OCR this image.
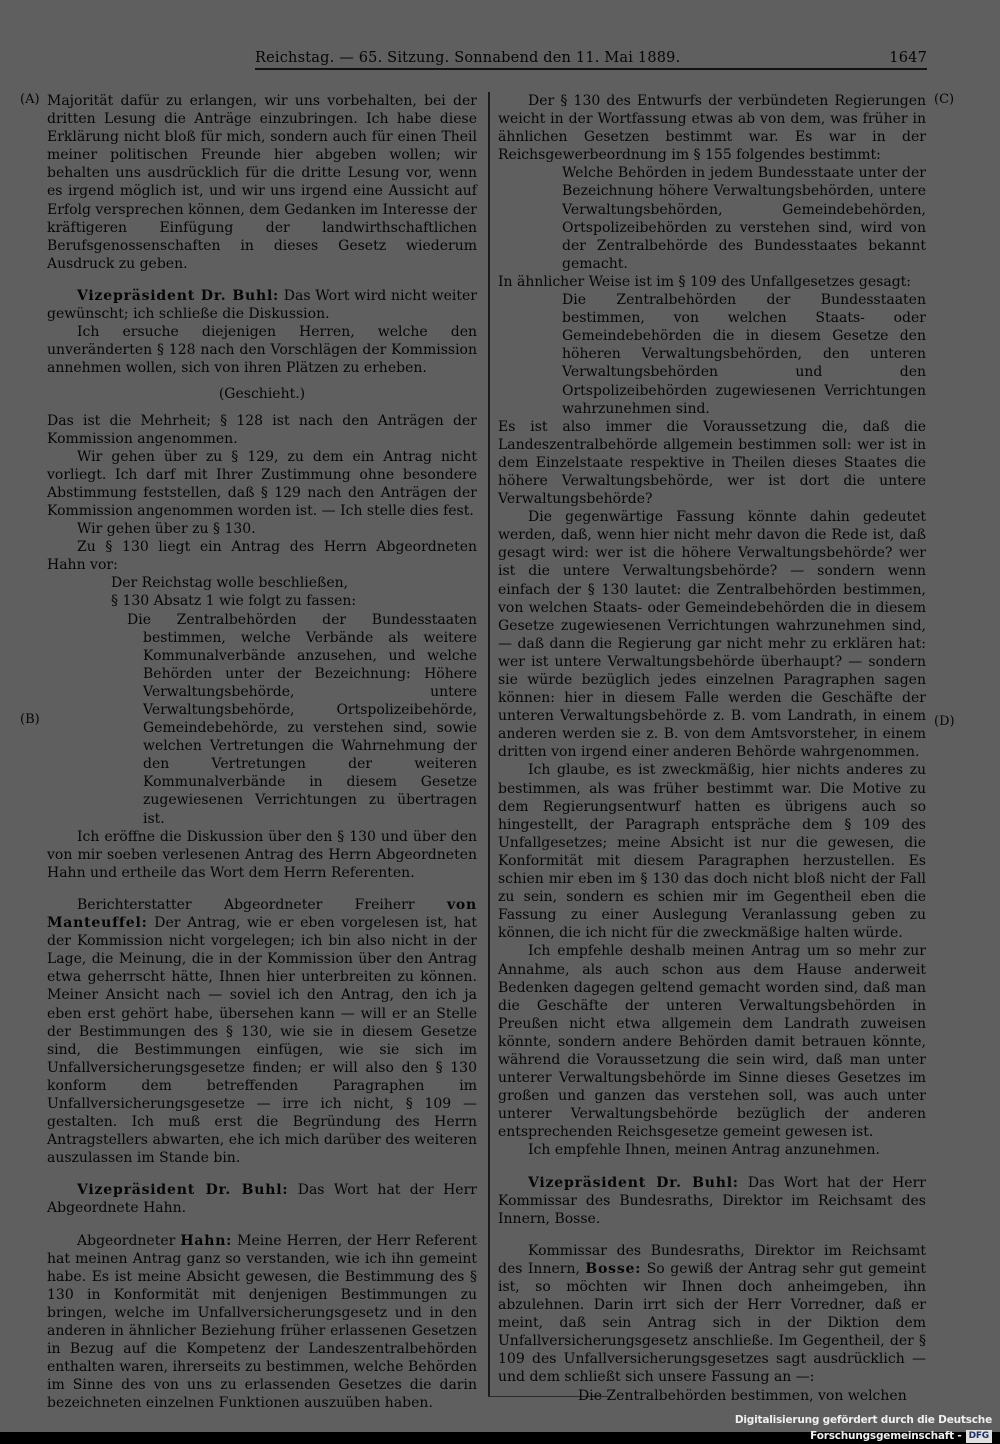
Reichstag. — 65. Sitzung. Sonnabend den 11. Mai 1889.	1647
(A)
(B)
(C)
(D)

Majorität dafür zu erlangen, wir uns vorbehalten, bei der dritten Lesung die Anträge einzubringen. Ich habe diese Erklärung nicht bloß für mich, sondern auch für einen Theil meiner politischen Freunde hier abgeben wollen; wir behalten uns ausdrücklich für die dritte Lesung vor, wenn es irgend möglich ist, und wir uns irgend eine Aussicht auf Erfolg versprechen können, dem Gedanken im Interesse der kräftigeren Einfügung der landwirthschaftlichen Berufsgenossenschaften in dieses Gesetz wiederum Ausdruck zu geben.

Vizepräsident Dr. Buhl: Das Wort wird nicht weiter gewünscht; ich schließe die Diskussion.

Ich ersuche diejenigen Herren, welche den unveränderten § 128 nach den Vorschlägen der Kommission annehmen wollen, sich von ihren Plätzen zu erheben.

(Geschieht.)

Das ist die Mehrheit; § 128 ist nach den Anträgen der Kommission angenommen.

Wir gehen über zu § 129, zu dem ein Antrag nicht vorliegt. Ich darf mit Ihrer Zustimmung ohne besondere Abstimmung feststellen, daß § 129 nach den Anträgen der Kommission angenommen worden ist. — Ich stelle dies fest.

Wir gehen über zu § 130.

Zu § 130 liegt ein Antrag des Herrn Abgeordneten Hahn vor:

Der Reichstag wolle beschließen,

§ 130 Absatz 1 wie folgt zu fassen:

Die Zentralbehörden der Bundesstaaten bestimmen, welche Verbände als weitere Kommunalverbände anzusehen, und welche Behörden unter der Bezeichnung: Höhere Verwaltungsbehörde, untere Verwaltungsbehörde, Ortspolizeibehörde, Gemeindebehörde, zu verstehen sind, sowie welchen Vertretungen die Wahrnehmung der den Vertretungen der weiteren Kommunalverbände in diesem Gesetze zugewiesenen Verrichtungen zu übertragen ist.

Ich eröffne die Diskussion über den § 130 und über den von mir soeben verlesenen Antrag des Herrn Abgeordneten Hahn und ertheile das Wort dem Herrn Referenten.

Berichterstatter Abgeordneter Freiherr von Manteuffel: Der Antrag, wie er eben vorgelesen ist, hat der Kommission nicht vorgelegen; ich bin also nicht in der Lage, die Meinung, die in der Kommission über den Antrag etwa geherrscht hätte, Ihnen hier unterbreiten zu können. Meiner Ansicht nach — soviel ich den Antrag, den ich ja eben erst gehört habe, übersehen kann — will er an Stelle der Bestimmungen des § 130, wie sie in diesem Gesetze sind, die Bestimmungen einfügen, wie sie sich im Unfallversicherungsgesetze finden; er will also den § 130 konform dem betreffenden Paragraphen im Unfallversicherungsgesetze — irre ich nicht, § 109 — gestalten. Ich muß erst die Begründung des Herrn Antragstellers abwarten, ehe ich mich darüber des weiteren auszulassen im Stande bin.

Vizepräsident Dr. Buhl: Das Wort hat der Herr Abgeordnete Hahn.

Abgeordneter Hahn: Meine Herren, der Herr Referent hat meinen Antrag ganz so verstanden, wie ich ihn gemeint habe. Es ist meine Absicht gewesen, die Bestimmung des § 130 in Konformität mit denjenigen Bestimmungen zu bringen, welche im Unfallversicherungsgesetz und in den anderen in ähnlicher Beziehung früher erlassenen Gesetzen in Bezug auf die Kompetenz der Landeszentralbehörden enthalten waren, ihrerseits zu bestimmen, welche Behörden im Sinne des von uns zu erlassenden Gesetzes die darin bezeichneten einzelnen Funktionen auszuüben haben.

Der § 130 des Entwurfs der verbündeten Regierungen weicht in der Wortfassung etwas ab von dem, was früher in ähnlichen Gesetzen bestimmt war. Es war in der Reichsgewerbeordnung im § 155 folgendes bestimmt:

Welche Behörden in jedem Bundesstaate unter der Bezeichnung höhere Verwaltungsbehörden, untere Verwaltungsbehörden, Gemeindebehörden, Ortspolizeibehörden zu verstehen sind, wird von der Zentralbehörde des Bundesstaates bekannt gemacht.

In ähnlicher Weise ist im § 109 des Unfallgesetzes gesagt:

Die Zentralbehörden der Bundesstaaten bestimmen, von welchen Staats- oder Gemeindebehörden die in diesem Gesetze den höheren Verwaltungsbehörden, den unteren Verwaltungsbehörden und den Ortspolizeibehörden zugewiesenen Verrichtungen wahrzunehmen sind.

Es ist also immer die Voraussetzung die, daß die Landeszentralbehörde allgemein bestimmen soll: wer ist in dem Einzelstaate respektive in Theilen dieses Staates die höhere Verwaltungsbehörde, wer ist dort die untere Verwaltungsbehörde?

Die gegenwärtige Fassung könnte dahin gedeutet werden, daß, wenn hier nicht mehr davon die Rede ist, daß gesagt wird: wer ist die höhere Verwaltungsbehörde? wer ist die untere Verwaltungsbehörde? — sondern wenn einfach der § 130 lautet: die Zentralbehörden bestimmen, von welchen Staats- oder Gemeindebehörden die in diesem Gesetze zugewiesenen Verrichtungen wahrzunehmen sind, — daß dann die Regierung gar nicht mehr zu erklären hat: wer ist untere Verwaltungsbehörde überhaupt? — sondern sie würde bezüglich jedes einzelnen Paragraphen sagen können: hier in diesem Falle werden die Geschäfte der unteren Verwaltungsbehörde z. B. vom Landrath, in einem anderen werden sie z. B. von dem Amtsvorsteher, in einem dritten von irgend einer anderen Behörde wahrgenommen.

Ich glaube, es ist zweckmäßig, hier nichts anderes zu bestimmen, als was früher bestimmt war. Die Motive zu dem Regierungsentwurf hatten es übrigens auch so hingestellt, der Paragraph entspräche dem § 109 des Unfallgesetzes; meine Absicht ist nur die gewesen, die Konformität mit diesem Paragraphen herzustellen. Es schien mir eben im § 130 das doch nicht bloß nicht der Fall zu sein, sondern es schien mir im Gegentheil eben die Fassung zu einer Auslegung Veranlassung geben zu können, die ich nicht für die zweckmäßige halten würde.

Ich empfehle deshalb meinen Antrag um so mehr zur Annahme, als auch schon aus dem Hause anderweit Bedenken dagegen geltend gemacht worden sind, daß man die Geschäfte der unteren Verwaltungsbehörden in Preußen nicht etwa allgemein dem Landrath zuweisen könnte, sondern andere Behörden damit betrauen könnte, während die Voraussetzung die sein wird, daß man unter unterer Verwaltungsbehörde im Sinne dieses Gesetzes im großen und ganzen das verstehen soll, was auch unter unterer Verwaltungsbehörde bezüglich der anderen entsprechenden Reichsgesetze gemeint gewesen ist.

Ich empfehle Ihnen, meinen Antrag anzunehmen.

Vizepräsident Dr. Buhl: Das Wort hat der Herr Kommissar des Bundesraths, Direktor im Reichsamt des Innern, Bosse.

Kommissar des Bundesraths, Direktor im Reichsamt des Innern, Bosse: So gewiß der Antrag sehr gut gemeint ist, so möchten wir Ihnen doch anheimgeben, ihn abzulehnen. Darin irrt sich der Herr Vorredner, daß er meint, daß sein Antrag sich in der Diktion dem Unfallversicherungsgesetz anschließe. Im Gegentheil, der § 109 des Unfallversicherungsgesetzes sagt ausdrücklich — und dem schließt sich unsere Fassung an —:

Die Zentralbehörden bestimmen, von welchen

Digitalisierung gefördert durch die Deutsche Forschungsgemeinschaft - DFG
